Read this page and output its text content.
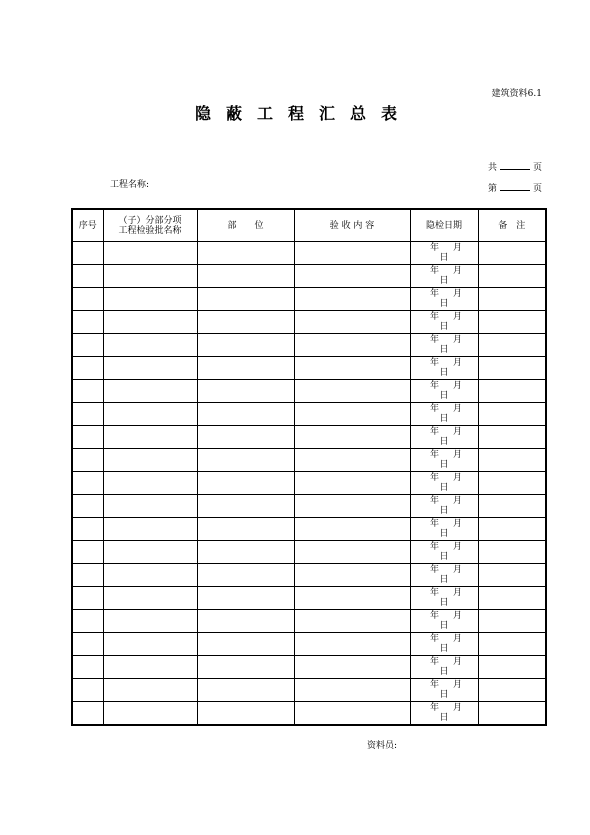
建筑资料6.1
隐蔽工程汇总表
共	页
第	页
工程名称:
序号	（子）分部分项
工程检验批名称	部　　位	验 收 内 容	隐检日期	备　注

				年 月
日	

				年 月
日	

				年 月
日	

				年 月
日	

				年 月
日	

				年 月
日	

				年 月
日	

				年 月
日	

				年 月
日	

				年 月
日	

				年 月
日	

				年 月
日	

				年 月
日	

				年 月
日	

				年 月
日	

				年 月
日	

				年 月
日	

				年 月
日	

				年 月
日	

				年 月
日	

				年 月
日	

资料员:
